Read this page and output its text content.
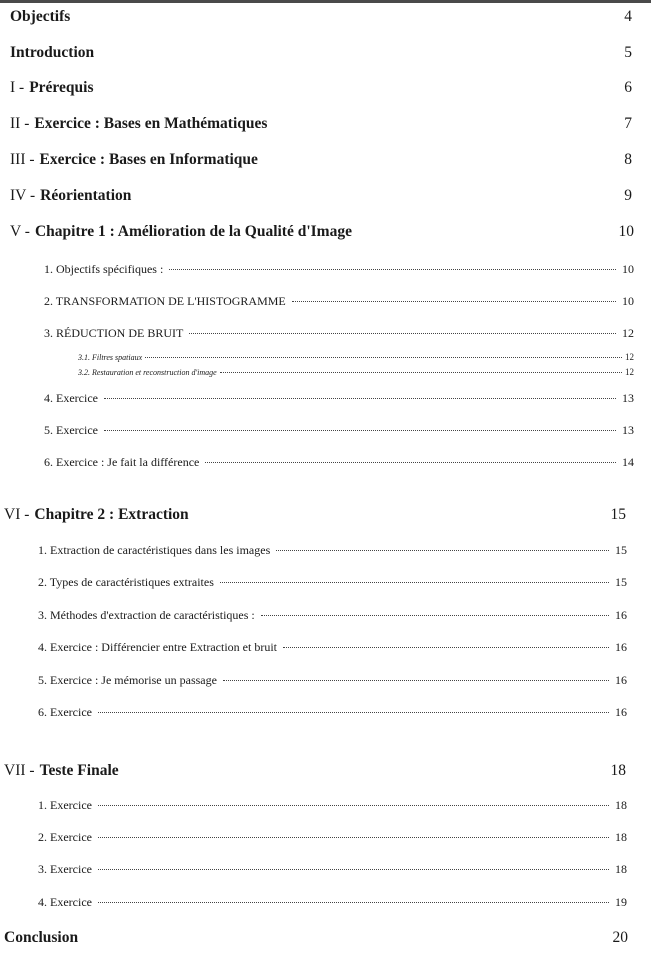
Objectifs	4
Introduction	5
I - Prérequis	6
II - Exercice : Bases en Mathématiques	7
III - Exercice : Bases en Informatique	8
IV - Réorientation	9
V - Chapitre 1 : Amélioration de la Qualité d'Image	10
1. Objectifs spécifiques :	10
2. TRANSFORMATION DE L'HISTOGRAMME	10
3. RÉDUCTION DE BRUIT	12
3.1. Filtres spatiaux	12
3.2. Restauration et reconstruction d'image	12
4. Exercice	13
5. Exercice	13
6. Exercice : Je fait la différence	14
VI - Chapitre 2 : Extraction	15
1. Extraction de caractéristiques dans les images	15
2. Types de caractéristiques extraites	15
3. Méthodes d'extraction de caractéristiques :	16
4. Exercice : Différencier entre Extraction et bruit	16
5. Exercice : Je mémorise un passage	16
6. Exercice	16
VII - Teste Finale	18
1. Exercice	18
2. Exercice	18
3. Exercice	18
4. Exercice	19
Conclusion	20
